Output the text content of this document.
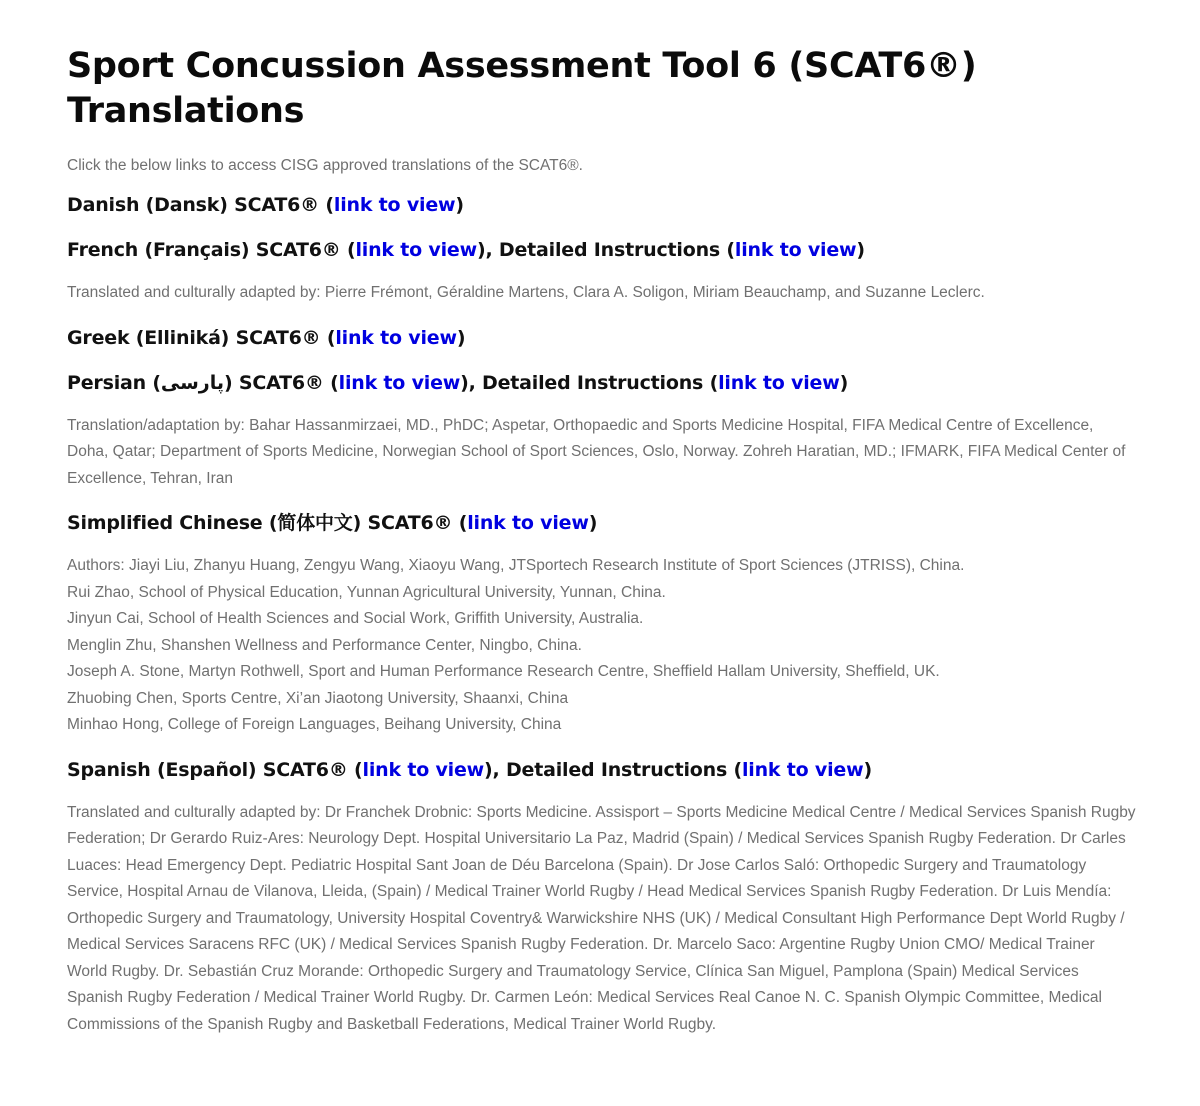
Sport Concussion Assessment Tool 6 (SCAT6®) Translations

Click the below links to access CISG approved translations of the SCAT6®.

Danish (Dansk) SCAT6® (link to view)
French (Français) SCAT6® (link to view), Detailed Instructions (link to view)

Translated and culturally adapted by: Pierre Frémont, Géraldine Martens, Clara A. Soligon, Miriam Beauchamp, and Suzanne Leclerc.

Greek (Elliniká) SCAT6® (link to view)
Persian (پارسی) SCAT6® (link to view), Detailed Instructions (link to view)

Translation/adaptation by: Bahar Hassanmirzaei, MD., PhDC; Aspetar, Orthopaedic and Sports Medicine Hospital, FIFA Medical Centre of Excellence, Doha, Qatar; Department of Sports Medicine, Norwegian School of Sport Sciences, Oslo, Norway. Zohreh Haratian, MD.; IFMARK, FIFA Medical Center of Excellence, Tehran, Iran

Simplified Chinese (简体中文) SCAT6® (link to view)
Authors: Jiayi Liu, Zhanyu Huang, Zengyu Wang, Xiaoyu Wang, JTSportech Research Institute of Sport Sciences (JTRISS), China.
Rui Zhao, School of Physical Education, Yunnan Agricultural University, Yunnan, China.
Jinyun Cai, School of Health Sciences and Social Work, Griffith University, Australia.
Menglin Zhu, Shanshen Wellness and Performance Center, Ningbo, China.
Joseph A. Stone, Martyn Rothwell, Sport and Human Performance Research Centre, Sheffield Hallam University, Sheffield, UK.
Zhuobing Chen, Sports Centre, Xi’an Jiaotong University, Shaanxi, China
Minhao Hong, College of Foreign Languages, Beihang University, China
Spanish (Español) SCAT6® (link to view), Detailed Instructions (link to view)

Translated and culturally adapted by: Dr Franchek Drobnic: Sports Medicine. Assisport – Sports Medicine Medical Centre / Medical Services Spanish Rugby Federation; Dr Gerardo Ruiz-Ares: Neurology Dept. Hospital Universitario La Paz, Madrid (Spain) / Medical Services Spanish Rugby Federation. Dr Carles Luaces: Head Emergency Dept. Pediatric Hospital Sant Joan de Déu Barcelona (Spain). Dr Jose Carlos Saló: Orthopedic Surgery and Traumatology Service, Hospital Arnau de Vilanova, Lleida, (Spain) / Medical Trainer World Rugby / Head Medical Services Spanish Rugby Federation. Dr Luis Mendía: Orthopedic Surgery and Traumatology, University Hospital Coventry& Warwickshire NHS (UK) / Medical Consultant High Performance Dept World Rugby / Medical Services Saracens RFC (UK) / Medical Services Spanish Rugby Federation. Dr. Marcelo Saco: Argentine Rugby Union CMO/ Medical Trainer World Rugby. Dr. Sebastián Cruz Morande: Orthopedic Surgery and Traumatology Service, Clínica San Miguel, Pamplona (Spain) Medical Services Spanish Rugby Federation / Medical Trainer World Rugby. Dr. Carmen León: Medical Services Real Canoe N. C. Spanish Olympic Committee, Medical Commissions of the Spanish Rugby and Basketball Federations, Medical Trainer World Rugby.
